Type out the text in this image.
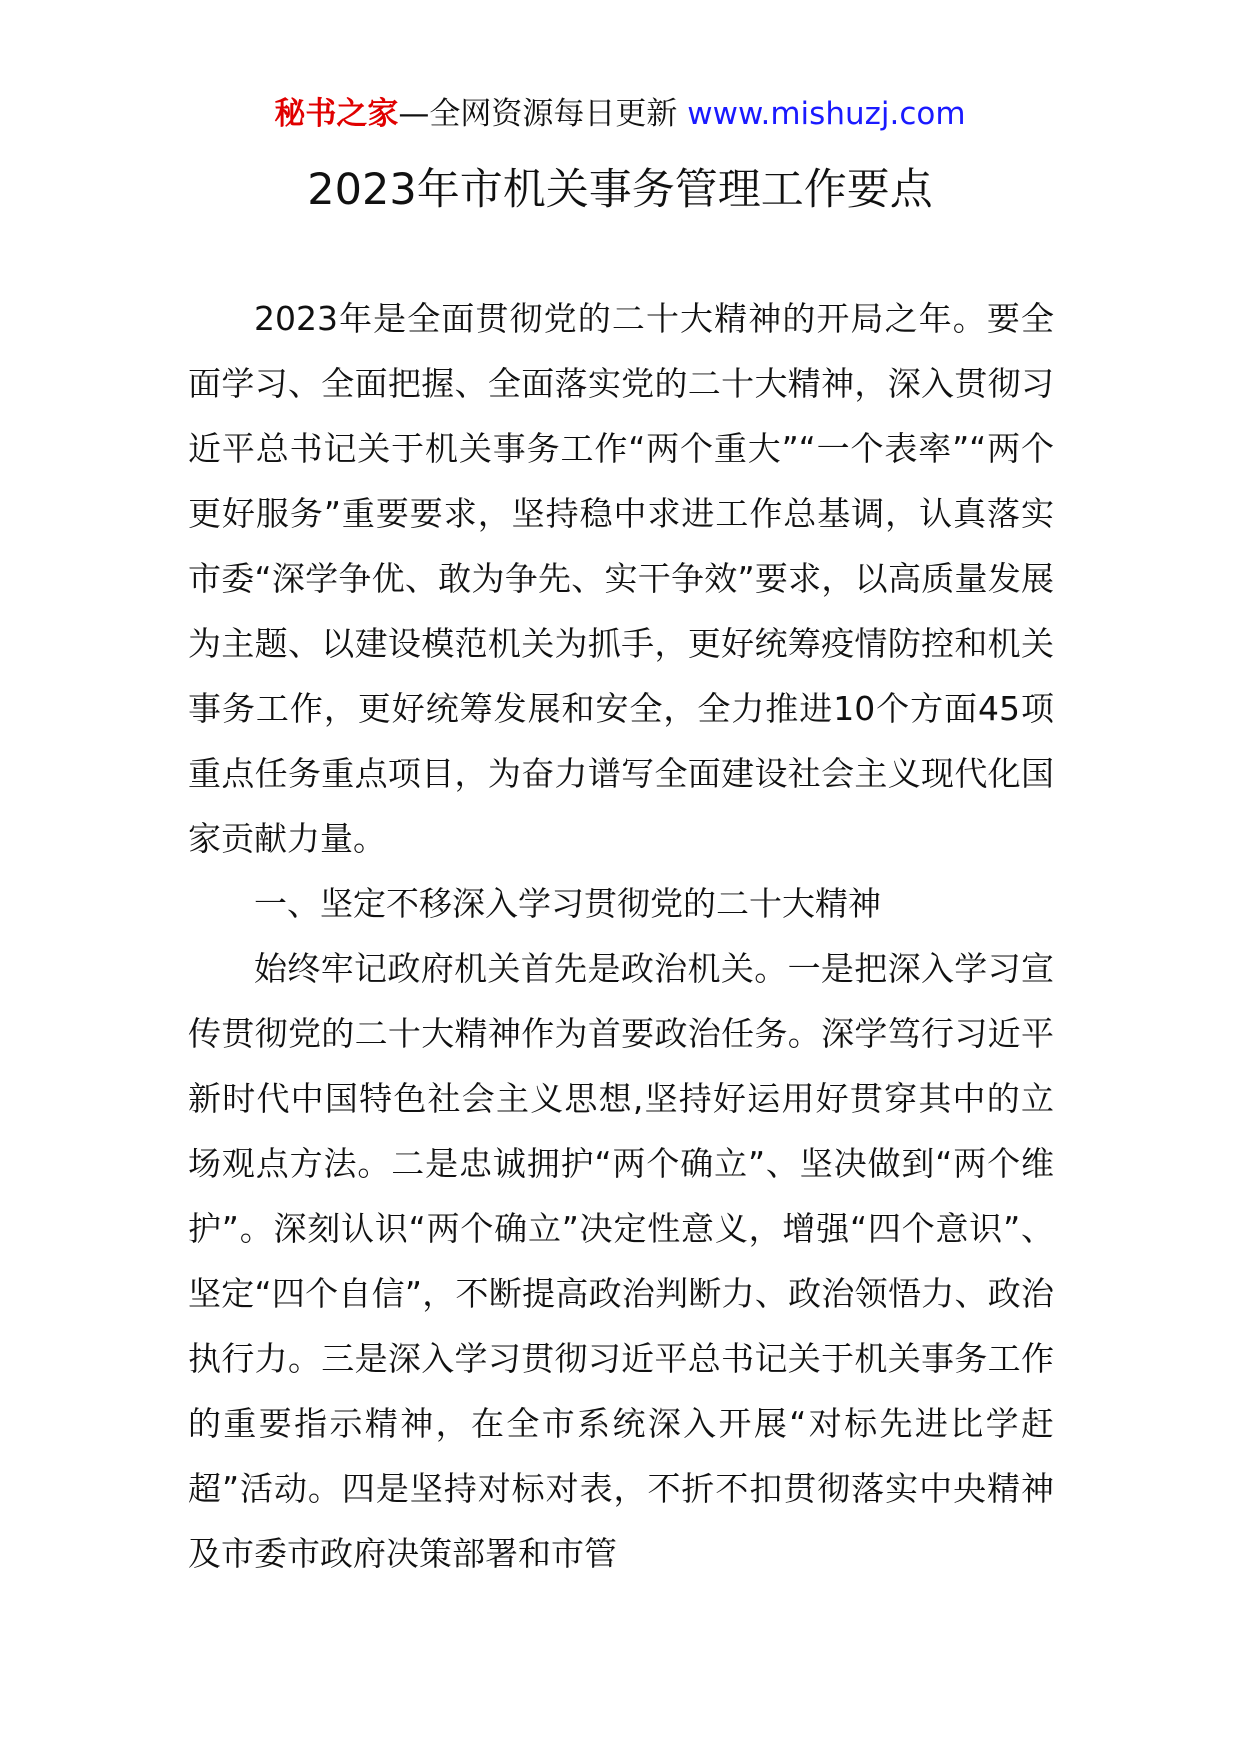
秘书之家—全网资源每日更新 www.mishuzj.com
2023年市机关事务管理工作要点

2023年是全面贯彻党的二十大精神的开局之年。要全面学习、全面把握、全面落实党的二十大精神，深入贯彻习近平总书记关于机关事务工作“两个重大”“一个表率”“两个更好服务”重要要求，坚持稳中求进工作总基调，认真落实市委“深学争优、敢为争先、实干争效”要求，以高质量发展为主题、以建设模范机关为抓手，更好统筹疫情防控和机关事务工作，更好统筹发展和安全，全力推进10个方面45项重点任务重点项目，为奋力谱写全面建设社会主义现代化国家贡献力量。

一、坚定不移深入学习贯彻党的二十大精神

始终牢记政府机关首先是政治机关。一是把深入学习宣传贯彻党的二十大精神作为首要政治任务。深学笃行习近平新时代中国特色社会主义思想,坚持好运用好贯穿其中的立场观点方法。二是忠诚拥护“两个确立”、坚决做到“两个维护”。深刻认识“两个确立”决定性意义，增强“四个意识”、坚定“四个自信”，不断提高政治判断力、政治领悟力、政治执行力。三是深入学习贯彻习近平总书记关于机关事务工作的重要指示精神，在全市系统深入开展“对标先进比学赶超”活动。四是坚持对标对表，不折不扣贯彻落实中央精神及市委市政府决策部署和市管
